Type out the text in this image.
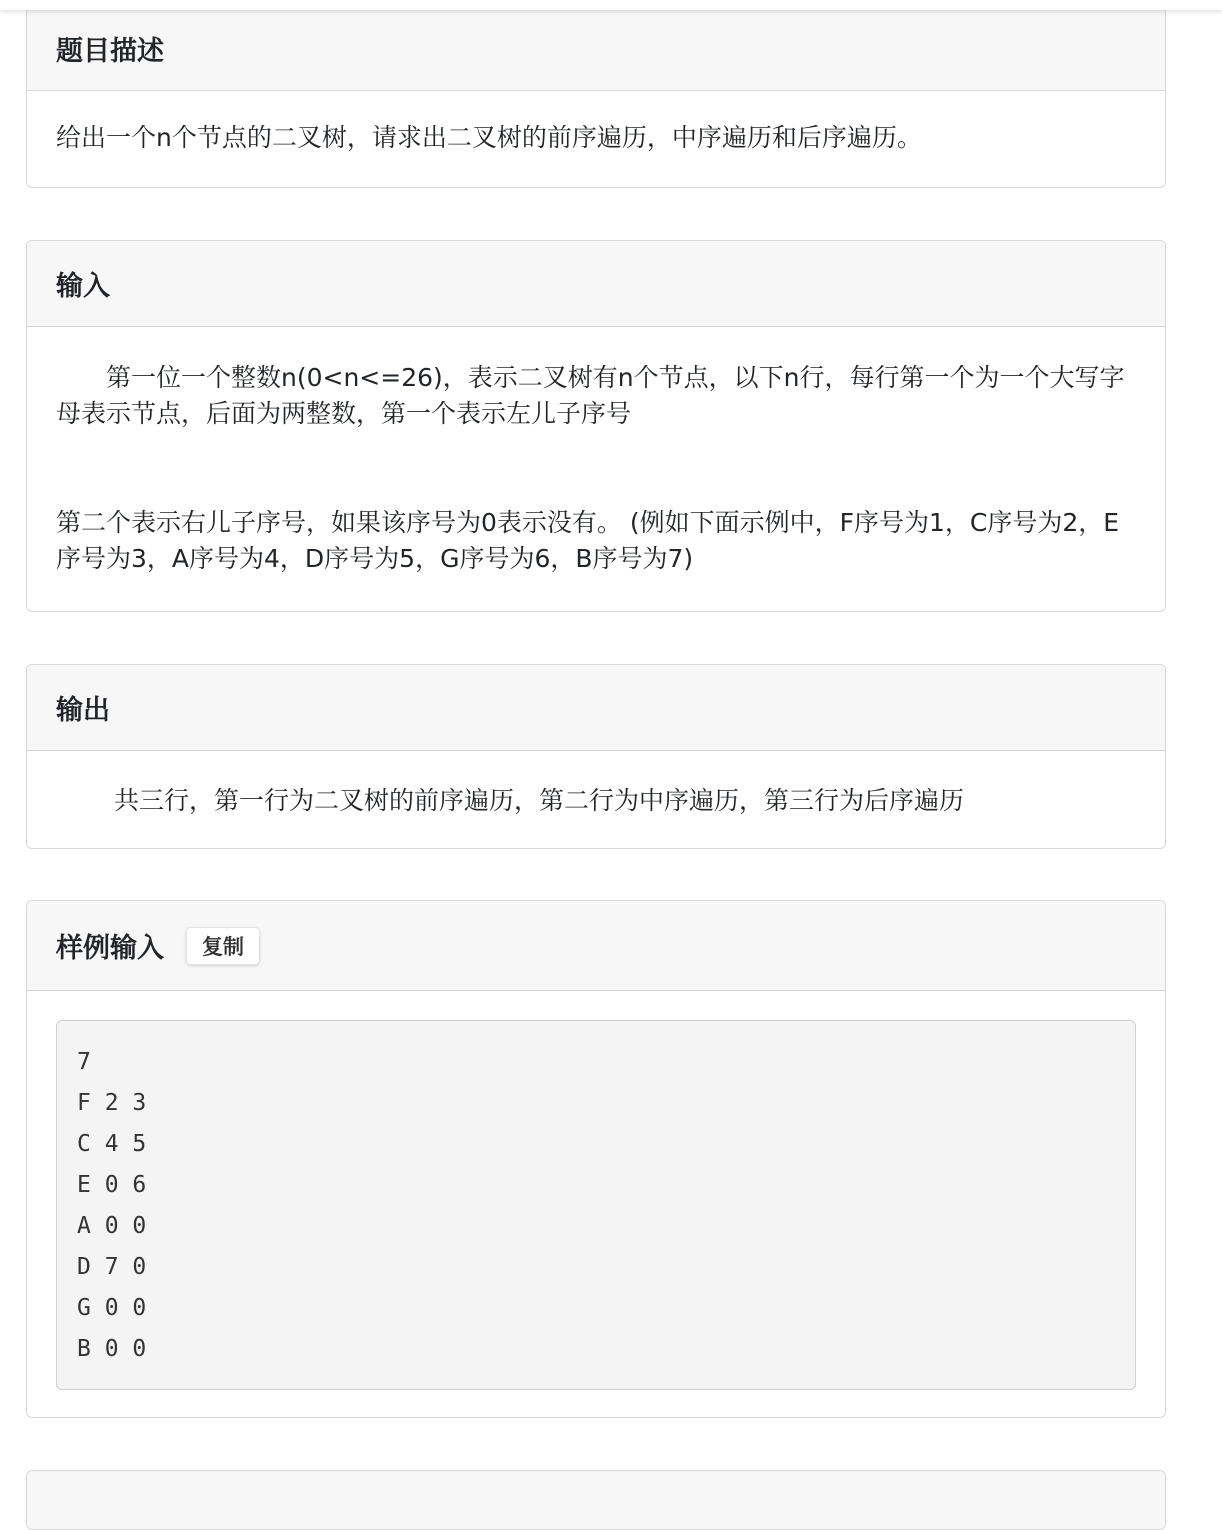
题目描述
给出一个n个节点的二叉树，请求出二叉树的前序遍历，中序遍历和后序遍历。
输入
第一位一个整数n(0<n<=26)，表示二叉树有n个节点，以下n行，每行第一个为一个大写字母表示节点，后面为两整数，第一个表示左儿子序号
第二个表示右儿子序号，如果该序号为0表示没有。 (例如下面示例中，F序号为1，C序号为2，E序号为3，A序号为4，D序号为5，G序号为6，B序号为7)
输出
共三行，第一行为二叉树的前序遍历，第二行为中序遍历，第三行为后序遍历
样例输入	复制
7
F 2 3
C 4 5
E 0 6
A 0 0
D 7 0
G 0 0
B 0 0
